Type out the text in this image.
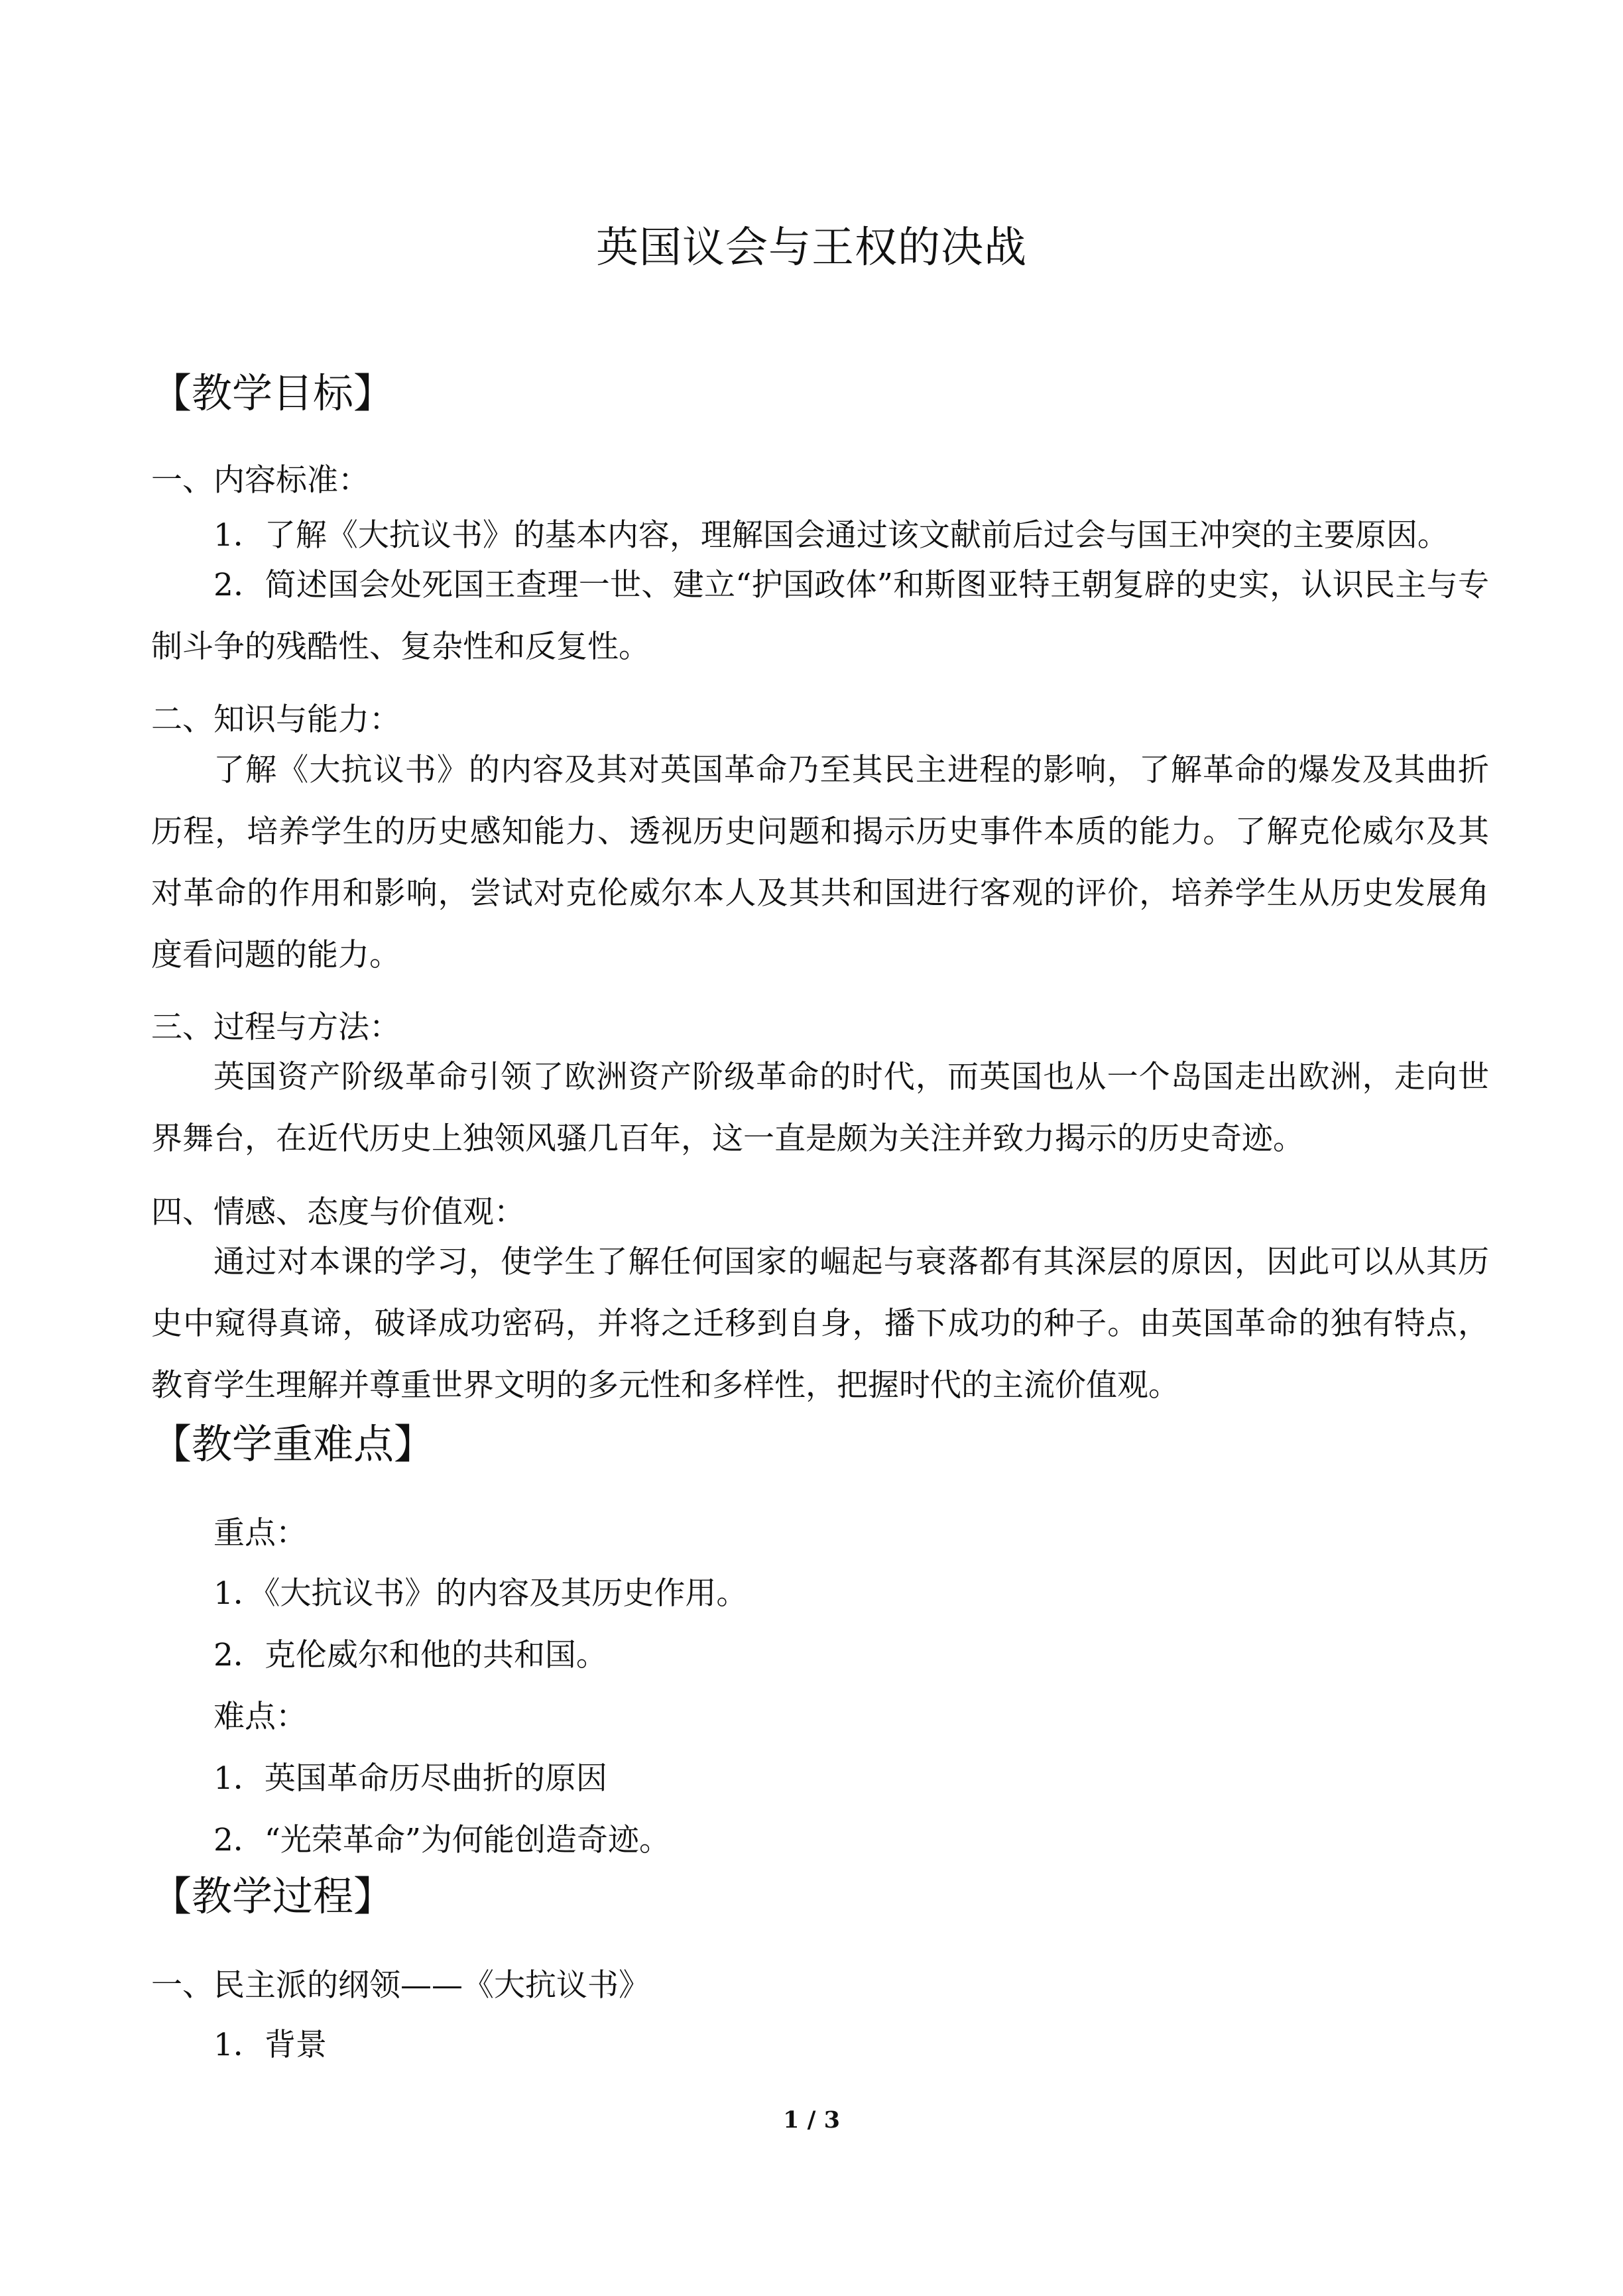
英国议会与王权的决战
【教学目标】
一、内容标准：
1．了解《大抗议书》的基本内容，理解国会通过该文献前后过会与国王冲突的主要原因。

2．简述国会处死国王查理一世、建立“护国政体”和斯图亚特王朝复辟的史实，认识民主与专制斗争的残酷性、复杂性和反复性。

二、知识与能力：

了解《大抗议书》的内容及其对英国革命乃至其民主进程的影响，了解革命的爆发及其曲折历程，培养学生的历史感知能力、透视历史问题和揭示历史事件本质的能力。了解克伦威尔及其对革命的作用和影响，尝试对克伦威尔本人及其共和国进行客观的评价，培养学生从历史发展角度看问题的能力。

三、过程与方法：

英国资产阶级革命引领了欧洲资产阶级革命的时代，而英国也从一个岛国走出欧洲，走向世界舞台，在近代历史上独领风骚几百年，这一直是颇为关注并致力揭示的历史奇迹。

四、情感、态度与价值观：

通过对本课的学习，使学生了解任何国家的崛起与衰落都有其深层的原因，因此可以从其历史中窥得真谛，破译成功密码，并将之迁移到自身，播下成功的种子。由英国革命的独有特点，教育学生理解并尊重世界文明的多元性和多样性，把握时代的主流价值观。

【教学重难点】
重点：
1．《大抗议书》的内容及其历史作用。
2．克伦威尔和他的共和国。
难点：
1．英国革命历尽曲折的原因
2．“光荣革命”为何能创造奇迹。
【教学过程】
一、民主派的纲领——《大抗议书》
1．背景
1 / 3
